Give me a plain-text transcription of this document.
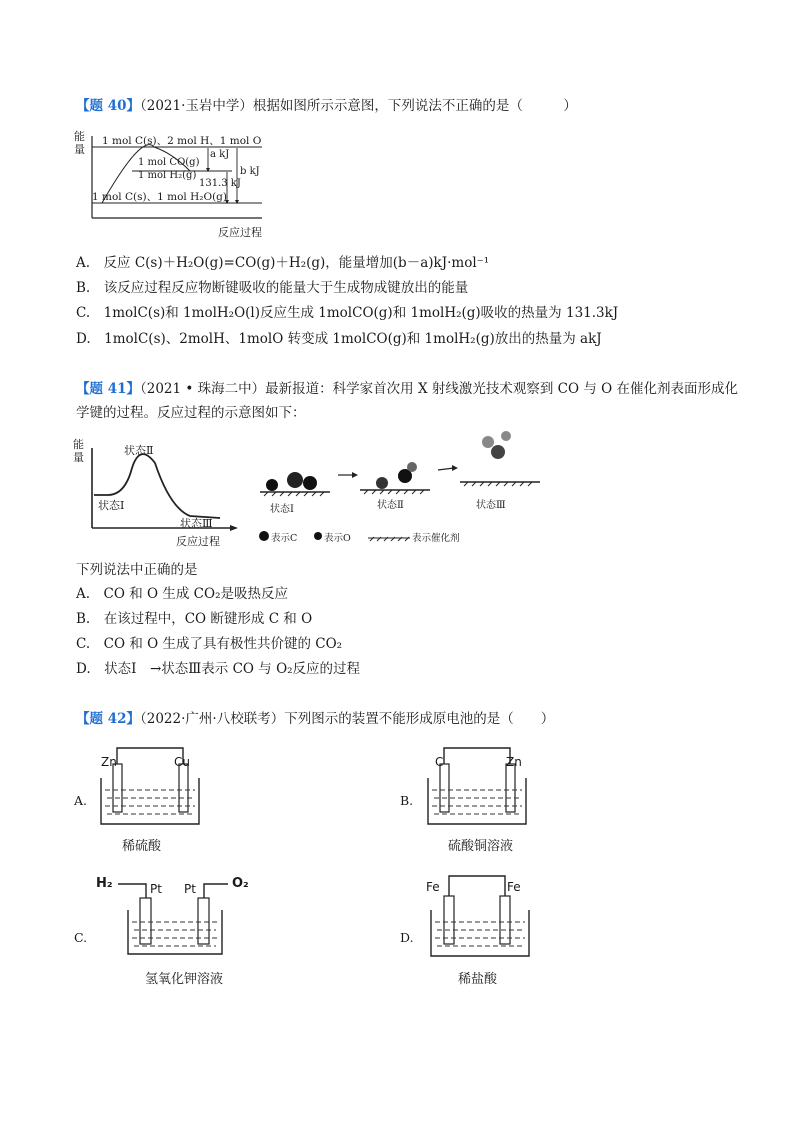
【题 40】（2021·玉岩中学）根据如图所示示意图，下列说法不正确的是（　　　）
能量
1 mol C(s)、2 mol H、1 mol O
1 mol CO(g)
1 mol H₂(g)
1 mol C(s)、1 mol H₂O(g)
a kJ
b kJ
131.3 kJ
反应过程
A.　反应 C(s)＋H₂O(g)=CO(g)＋H₂(g)，能量增加(b－a)kJ·mol⁻¹
B.　该反应过程反应物断键吸收的能量大于生成物成键放出的能量
C.　1molC(s)和 1molH₂O(l)反应生成 1molCO(g)和 1molH₂(g)吸收的热量为 131.3kJ
D.　1molC(s)、2molH、1molO 转变成 1molCO(g)和 1molH₂(g)放出的热量为 akJ
【题 41】（2021 • 珠海二中）最新报道：科学家首次用 X 射线激光技术观察到 CO 与 O 在催化剂表面形成化学键的过程。反应过程的示意图如下：
能量
状态Ⅱ
状态Ⅰ
状态Ⅲ
反应过程
状态Ⅰ	状态Ⅱ	状态Ⅲ
表示C	表示O	表示催化剂
下列说法中正确的是
A.　CO 和 O 生成 CO₂是吸热反应
B.　在该过程中，CO 断键形成 C 和 O
C.　CO 和 O 生成了具有极性共价键的 CO₂
D.　状态Ⅰ　→状态Ⅲ表示 CO 与 O₂反应的过程
【题 42】（2022·广州·八校联考）下列图示的装置不能形成原电池的是（　　）
A.
Zn	Cu
稀硫酸
B.
C	Zn
硫酸铜溶液
C.
H₂	O₂
Pt Pt
氢氧化钾溶液
D.
Fe	Fe
稀盐酸
